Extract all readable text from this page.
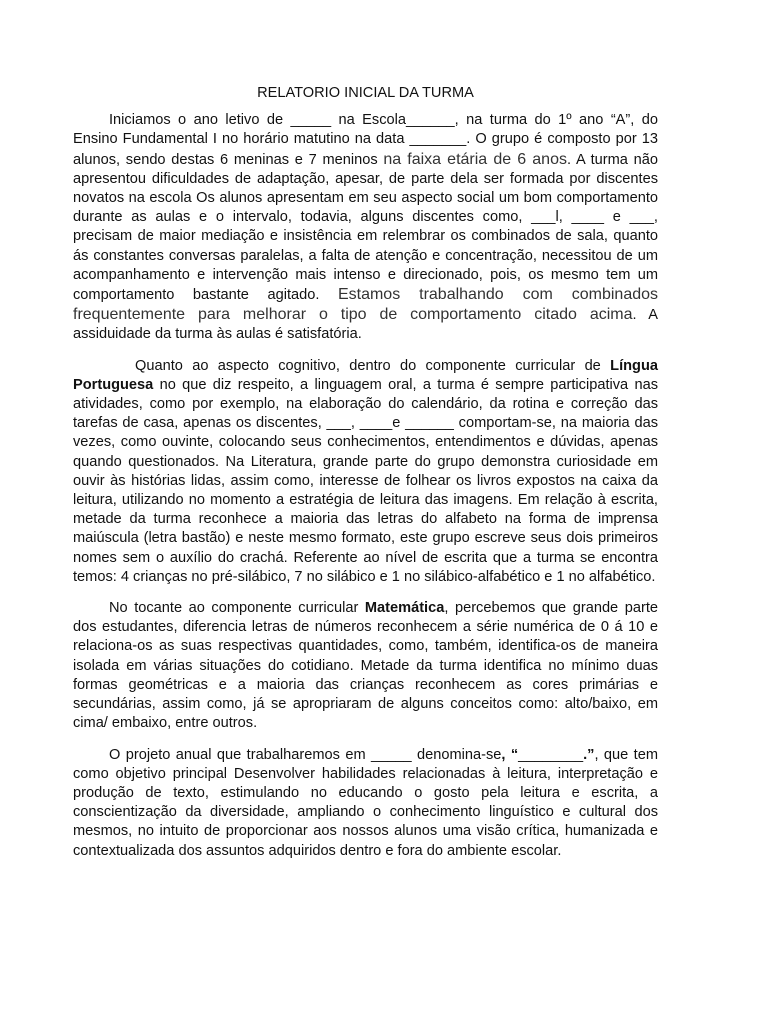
RELATORIO INICIAL DA TURMA

Iniciamos o ano letivo de _____ na Escola______, na turma do 1º ano “A”, do Ensino Fundamental I no horário matutino na data _______. O grupo é composto por 13 alunos, sendo destas 6 meninas e 7 meninos na faixa etária de 6 anos. A turma não apresentou dificuldades de adaptação, apesar, de parte dela ser formada por discentes novatos na escola Os alunos apresentam em seu aspecto social um bom comportamento durante as aulas e o intervalo, todavia, alguns discentes como, ___l, ____ e ___, precisam de maior mediação e insistência em relembrar os combinados de sala, quanto ás constantes conversas paralelas, a falta de atenção e concentração, necessitou de um acompanhamento e intervenção mais intenso e direcionado, pois, os mesmo tem um comportamento bastante agitado. Estamos trabalhando com combinados frequentemente para melhorar o tipo de comportamento citado acima. A assiduidade da turma às aulas é satisfatória.

Quanto ao aspecto cognitivo, dentro do componente curricular de Língua Portuguesa no que diz respeito, a linguagem oral, a turma é sempre participativa nas atividades, como por exemplo, na elaboração do calendário, da rotina e correção das tarefas de casa, apenas os discentes, ___, ____e ______ comportam-se, na maioria das vezes, como ouvinte, colocando seus conhecimentos, entendimentos e dúvidas, apenas quando questionados. Na Literatura, grande parte do grupo demonstra curiosidade em ouvir às histórias lidas, assim como, interesse de folhear os livros expostos na caixa da leitura, utilizando no momento a estratégia de leitura das imagens. Em relação à escrita, metade da turma reconhece a maioria das letras do alfabeto na forma de imprensa maiúscula (letra bastão) e neste mesmo formato, este grupo escreve seus dois primeiros nomes sem o auxílio do crachá. Referente ao nível de escrita que a turma se encontra temos: 4 crianças no pré-silábico, 7 no silábico e 1 no silábico-alfabético e 1 no alfabético.

No tocante ao componente curricular Matemática, percebemos que grande parte dos estudantes, diferencia letras de números reconhecem a série numérica de 0 á 10 e relaciona-os as suas respectivas quantidades, como, também, identifica-os de maneira isolada em várias situações do cotidiano. Metade da turma identifica no mínimo duas formas geométricas e a maioria das crianças reconhecem as cores primárias e secundárias, assim como, já se apropriaram de alguns conceitos como: alto/baixo, em cima/ embaixo, entre outros.

O projeto anual que trabalharemos em _____ denomina-se, “________.”, que tem como objetivo principal Desenvolver habilidades relacionadas à leitura, interpretação e produção de texto, estimulando no educando o gosto pela leitura e escrita, a conscientização da diversidade, ampliando o conhecimento linguístico e cultural dos mesmos, no intuito de proporcionar aos nossos alunos uma visão crítica, humanizada e contextualizada dos assuntos adquiridos dentro e fora do ambiente escolar.
